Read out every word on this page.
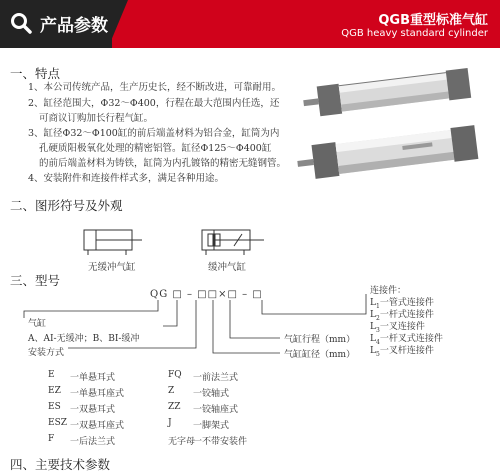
产品参数	QGB重型标准气缸
QGB heavy standard cylinder
一、特点
1、本公司传统产品，生产历史长，经不断改进，可靠耐用。
2、缸径范围大，Φ32～Φ400，行程在最大范围内任选，还
可商议订购加长行程气缸。
3、缸径Φ32～Φ100缸的前后端盖材料为铝合金，缸筒为内
孔硬质阳极氧化处理的精密铝管。缸径Φ125～Φ400缸
的前后端盖材料为铸铁，缸筒为内孔镀铬的精密无缝钢管。
4、安装附件和连接件样式多，满足各种用途。
二、图形符号及外观
无缓冲气缸	缓冲气缸
三、型号
QG □ – □□×□ – □
气缸
A、AI-无缓冲；B、BI-缓冲
安装方式
气缸行程（mm）
气缸缸径（mm）
连接件：
$L_1$一管式连接件
$L_2$一杆式连接件
$L_3$一叉连接件
$L_4$一杆叉式连接件
$L_5$一叉杆连接件
E 一单悬耳式
EZ 一单悬耳座式
ES 一双悬耳式
ESZ 一双悬耳座式
F 一后法兰式
FQ 一前法兰式
Z 一铰轴式
ZZ 一铰轴座式
J 一脚架式
无字母
一不带安装件
四、主要技术参数
